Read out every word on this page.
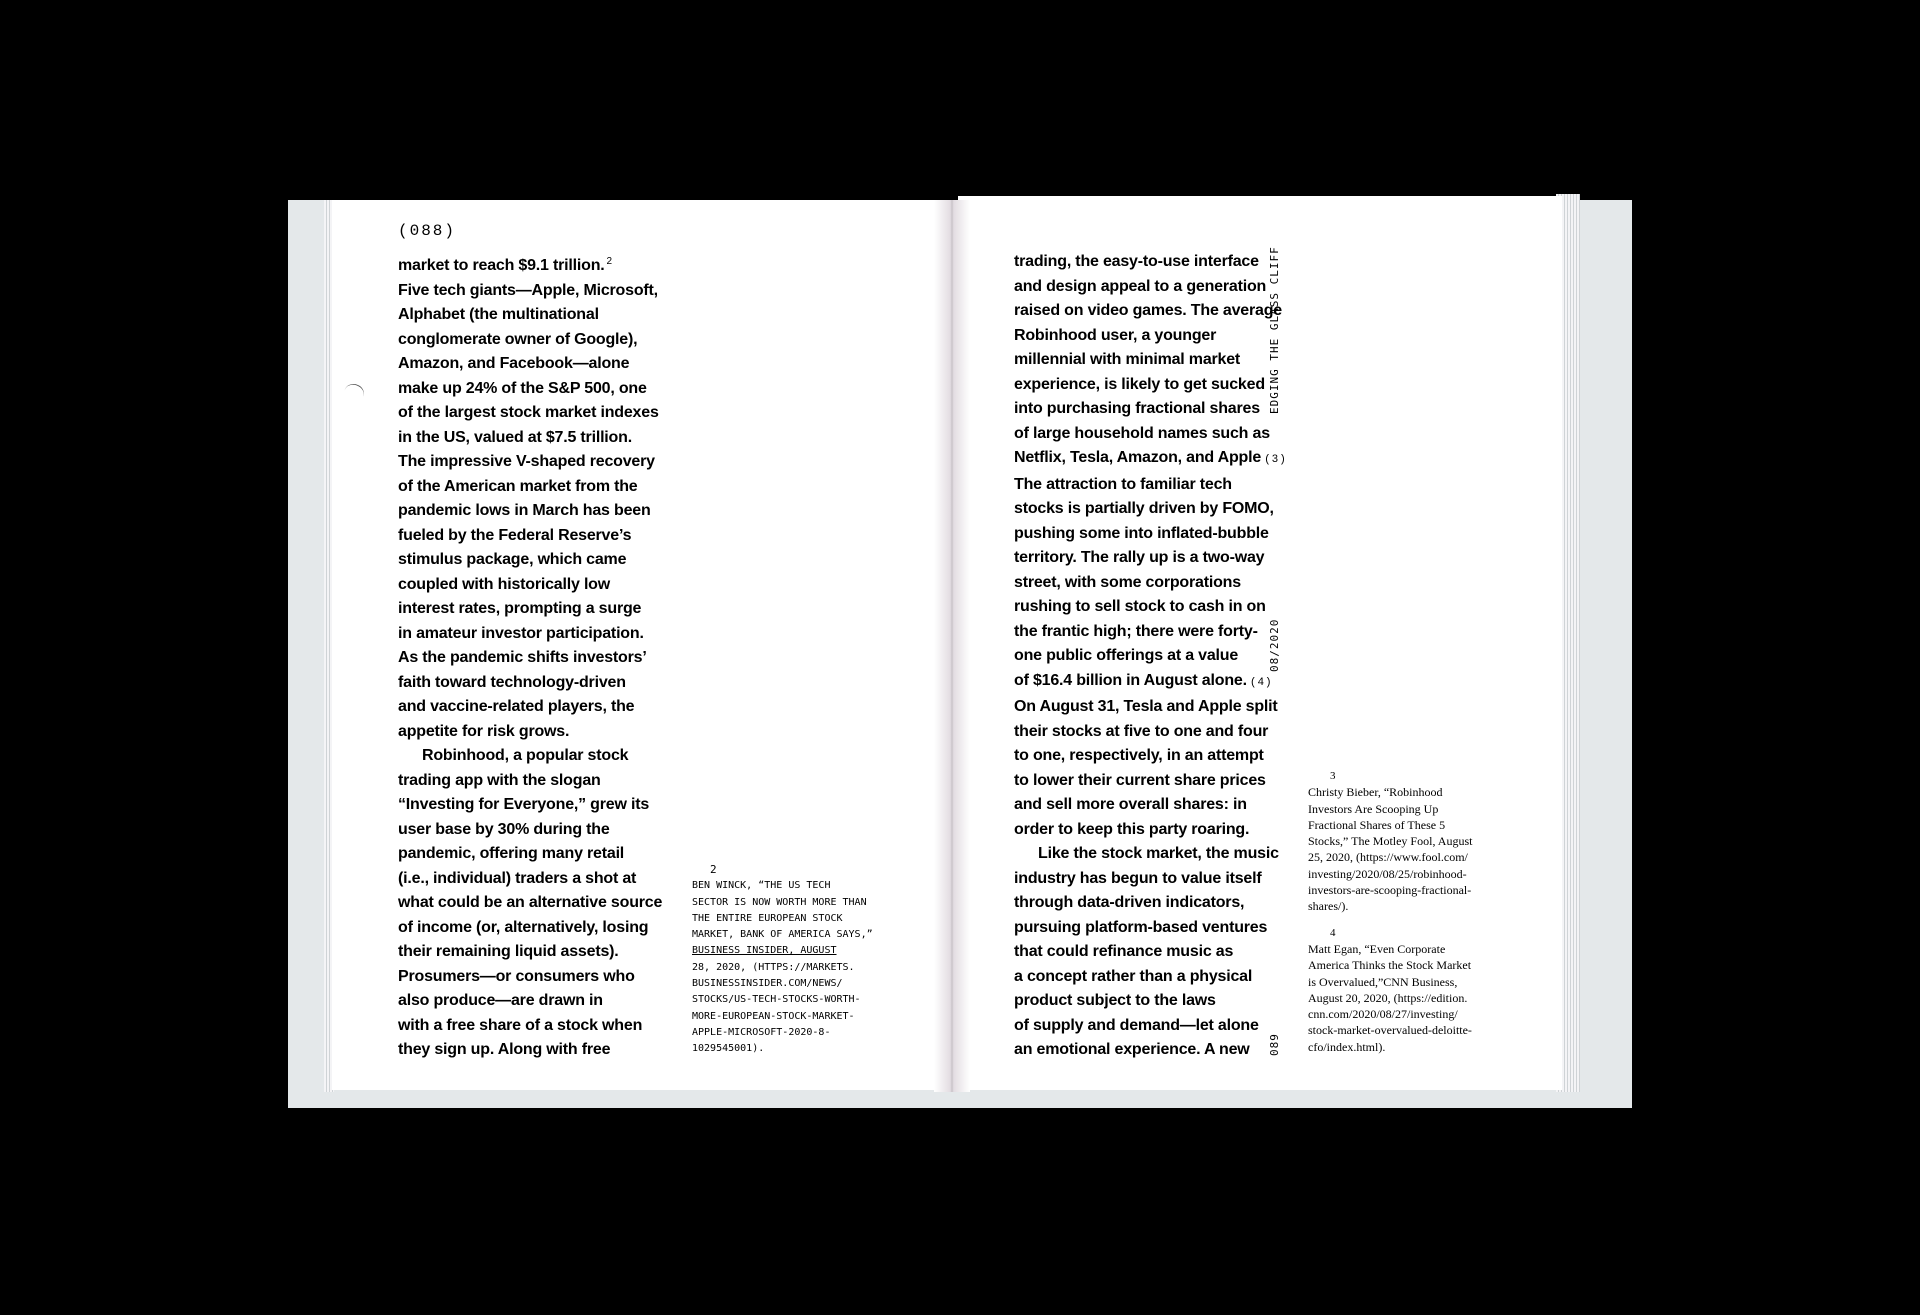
(088)
market to reach $9.1 trillion. $^2$
Five tech giants—Apple, Microsoft,
Alphabet (the multinational
conglomerate owner of Google),
Amazon, and Facebook—alone
make up 24% of the S&P 500, one
of the largest stock market indexes
in the US, valued at $7.5 trillion.
The impressive V-shaped recovery
of the American market from the
pandemic lows in March has been
fueled by the Federal Reserve’s
stimulus package, which came
coupled with historically low
interest rates, prompting a surge
in amateur investor participation.
As the pandemic shifts investors’
faith toward technology-driven
and vaccine-related players, the
appetite for risk grows.
Robinhood, a popular stock
trading app with the slogan
“Investing for Everyone,” grew its
user base by 30% during the
pandemic, offering many retail
(i.e., individual) traders a shot at
what could be an alternative source
of income (or, alternatively, losing
their remaining liquid assets).
Prosumers—or consumers who
also produce—are drawn in
with a free share of a stock when
they sign up. Along with free
2
BEN WINCK, “THE US TECH
SECTOR IS NOW WORTH MORE THAN
THE ENTIRE EUROPEAN STOCK
MARKET, BANK OF AMERICA SAYS,”
BUSINESS INSIDER, AUGUST
28, 2020, (HTTPS://MARKETS.
BUSINESSINSIDER.COM/NEWS/
STOCKS/US-TECH-STOCKS-WORTH-
MORE-EUROPEAN-STOCK-MARKET-
APPLE-MICROSOFT-2020-8-
1029545001).
trading, the easy-to-use interface
and design appeal to a generation
raised on video games. The average
Robinhood user, a younger
millennial with minimal market
experience, is likely to get sucked
into purchasing fractional shares
of large household names such as
Netflix, Tesla, Amazon, and Apple (3)
The attraction to familiar tech
stocks is partially driven by FOMO,
pushing some into inflated-bubble
territory. The rally up is a two-way
street, with some corporations
rushing to sell stock to cash in on
the frantic high; there were forty-
one public offerings at a value
of $16.4 billion in August alone. (4)
On August 31, Tesla and Apple split
their stocks at five to one and four
to one, respectively, in an attempt
to lower their current share prices
and sell more overall shares: in
order to keep this party roaring.
Like the stock market, the music
industry has begun to value itself
through data-driven indicators,
pursuing platform-based ventures
that could refinance music as
a concept rather than a physical
product subject to the laws
of supply and demand—let alone
an emotional experience. A new
EDGING THE GLASS CLIFF
08/2020
089
3
Christy Bieber, “Robinhood
Investors Are Scooping Up
Fractional Shares of These 5
Stocks,” The Motley Fool, August
25, 2020, (https://www.fool.com/
investing/2020/08/25/robinhood-
investors-are-scooping-fractional-
shares/).
4
Matt Egan, “Even Corporate
America Thinks the Stock Market
is Overvalued,”CNN Business,
August 20, 2020, (https://edition.
cnn.com/2020/08/27/investing/
stock-market-overvalued-deloitte-
cfo/index.html).
